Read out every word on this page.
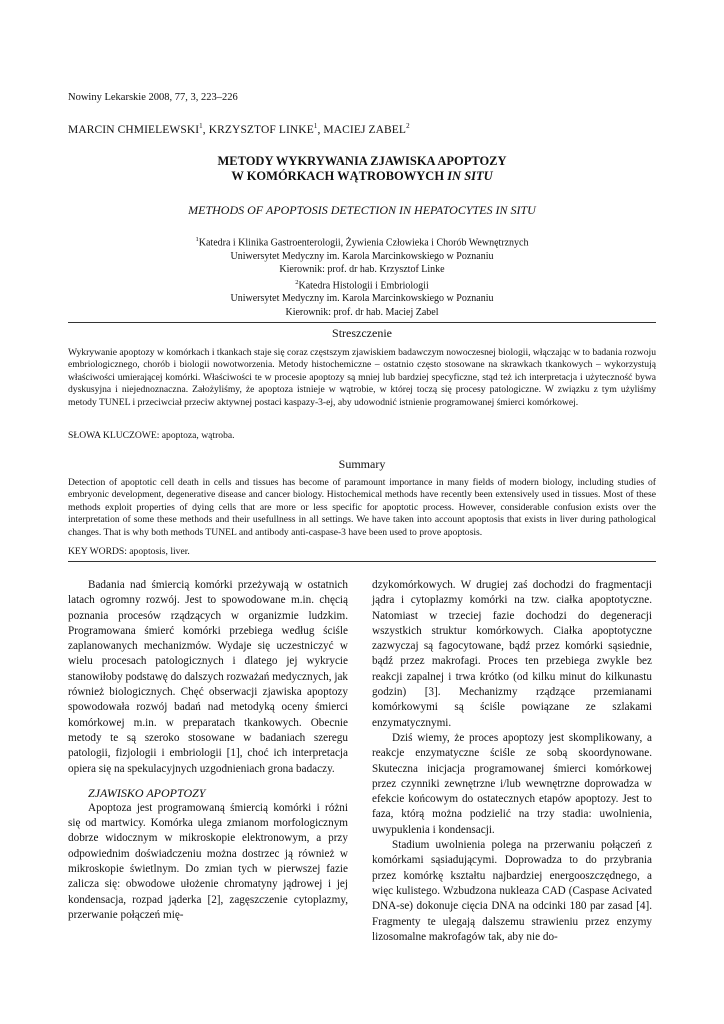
Nowiny Lekarskie 2008, 77, 3, 223–226
MARCIN CHMIELEWSKI$^1$, KRZYSZTOF LINKE$^1$, MACIEJ ZABEL$^2$
METODY WYKRYWANIA ZJAWISKA APOPTOZY
W KOMÓRKACH WĄTROBOWYCH IN SITU
METHODS OF APOPTOSIS DETECTION IN HEPATOCYTES IN SITU
$^1$Katedra i Klinika Gastroenterologii, Żywienia Człowieka i Chorób Wewnętrznych
Uniwersytet Medyczny im. Karola Marcinkowskiego w Poznaniu
Kierownik: prof. dr hab. Krzysztof Linke
$^2$Katedra Histologii i Embriologii
Uniwersytet Medyczny im. Karola Marcinkowskiego w Poznaniu
Kierownik: prof. dr hab. Maciej Zabel
Streszczenie

Wykrywanie apoptozy w komórkach i tkankach staje się coraz częstszym zjawiskiem badawczym nowoczesnej biologii, włączając w to badania rozwoju embriologicznego, chorób i biologii nowotworzenia. Metody histochemiczne – ostatnio często stosowane na skrawkach tkankowych – wykorzystują właściwości umierającej komórki. Właściwości te w procesie apoptozy są mniej lub bardziej specyficzne, stąd też ich interpretacja i użyteczność bywa dyskusyjna i niejednoznaczna. Założyliśmy, że apoptoza istnieje w wątrobie, w której toczą się procesy patologiczne. W związku z tym użyliśmy metody TUNEL i przeciwciał przeciw aktywnej postaci kaspazy-3-ej, aby udowodnić istnienie programowanej śmierci komórkowej.

SŁOWA KLUCZOWE: apoptoza, wątroba.
Summary

Detection of apoptotic cell death in cells and tissues has become of paramount importance in many fields of modern biology, including studies of embryonic development, degenerative disease and cancer biology. Histochemical methods have recently been extensively used in tissues. Most of these methods exploit properties of dying cells that are more or less specific for apoptotic process. However, considerable confusion exists over the interpretation of some these methods and their usefullness in all settings. We have taken into account apoptosis that exists in liver during pathological changes. That is why both methods TUNEL and antibody anti-caspase-3 have been used to prove apoptosis.

KEY WORDS: apoptosis, liver.

Badania nad śmiercią komórki przeżywają w ostatnich latach ogromny rozwój. Jest to spowodowane m.in. chęcią poznania procesów rządzących w organizmie ludzkim. Programowana śmierć komórki przebiega według ściśle zaplanowanych mechanizmów. Wydaje się uczestniczyć w wielu procesach patologicznych i dlatego jej wykrycie stanowiłoby podstawę do dalszych rozważań medycznych, jak również biologicznych. Chęć obserwacji zjawiska apoptozy spowodowała rozwój badań nad metodyką oceny śmierci komórkowej m.in. w preparatach tkankowych. Obecnie metody te są szeroko stosowane w badaniach szeregu patologii, fizjologii i embriologii [1], choć ich interpretacja opiera się na spekulacyjnych uzgodnieniach grona badaczy.

ZJAWISKO APOPTOZY

Apoptoza jest programowaną śmiercią komórki i różni się od martwicy. Komórka ulega zmianom morfologicznym dobrze widocznym w mikroskopie elektronowym, a przy odpowiednim doświadczeniu można dostrzec ją również w mikroskopie świetlnym. Do zmian tych w pierwszej fazie zalicza się: obwodowe ułożenie chromatyny jądrowej i jej kondensacja, rozpad jąderka [2], zagęszczenie cytoplazmy, przerwanie połączeń mię-

dzykomórkowych. W drugiej zaś dochodzi do fragmentacji jądra i cytoplazmy komórki na tzw. ciałka apoptotyczne. Natomiast w trzeciej fazie dochodzi do degeneracji wszystkich struktur komórkowych. Ciałka apoptotyczne zazwyczaj są fagocytowane, bądź przez komórki sąsiednie, bądź przez makrofagi. Proces ten przebiega zwykle bez reakcji zapalnej i trwa krótko (od kilku minut do kilkunastu godzin) [3]. Mechanizmy rządzące przemianami komórkowymi są ściśle powiązane ze szlakami enzymatycznymi.

Dziś wiemy, że proces apoptozy jest skomplikowany, a reakcje enzymatyczne ściśle ze sobą skoordynowane. Skuteczna inicjacja programowanej śmierci komórkowej przez czynniki zewnętrzne i/lub wewnętrzne doprowadza w efekcie końcowym do ostatecznych etapów apoptozy. Jest to faza, którą można podzielić na trzy stadia: uwolnienia, uwypuklenia i kondensacji.

Stadium uwolnienia polega na przerwaniu połączeń z komórkami sąsiadującymi. Doprowadza to do przybrania przez komórkę kształtu najbardziej energooszczędnego, a więc kulistego. Wzbudzona nukleaza CAD (Caspase Acivated DNA-se) dokonuje cięcia DNA na odcinki 180 par zasad [4]. Fragmenty te ulegają dalszemu strawieniu przez enzymy lizosomalne makrofagów tak, aby nie do-
